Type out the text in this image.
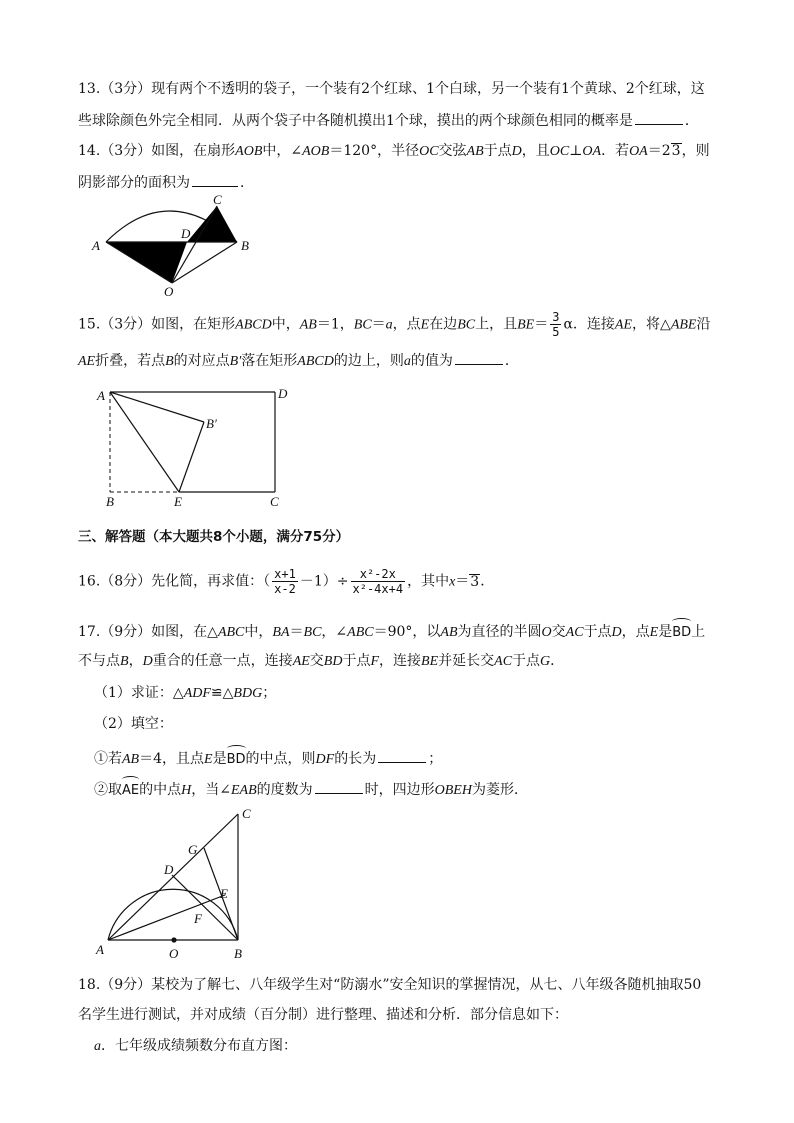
13.（3分）现有两个不透明的袋子，一个装有2个红球、1个白球，另一个装有1个黄球、2个红球，这
些球除颜色外完全相同．从两个袋子中各随机摸出1个球，摸出的两个球颜色相同的概率是	．
14.（3分）如图，在扇形AOB中，∠AOB＝120°，半径OC交弦AB于点D，且OC⊥OA．若OA＝23，则
阴影部分的面积为	．
A	B
C
D
O
15.（3分）如图，在矩形ABCD中，AB＝1，BC＝a，点E在边BC上，且$BE= \frac{3}{5}$ α．连接AE，将△ABE沿
AE折叠，若点B的对应点B′落在矩形ABCD的边上，则a的值为	．
A	D
B′
B	E	C
三、解答题（本大题共8个小题，满分75分）
16.（8分）先化简，再求值：（ $\frac{x+1}{x-2} -1)\div \frac{\text{x²-2x}}{\text{x²-4x+4}}$ ，其中x＝3．
17.（9分）如图，在△ABC中，BA＝BC，∠ABC＝90°，以AB为直径的半圆O交AC于点D，点E是BD上
不与点B，D重合的任意一点，连接AE交BD于点F，连接BE并延长交AC于点G．
（1）求证：△ADF≌△BDG；
（2）填空：
①若AB＝4，且点E是BD的中点，则DF的长为	；
②取AE的中点H，当∠EAB的度数为	时，四边形OBEH为菱形．
A	B
C
D
E
F
G
O
18.（9分）某校为了解七、八年级学生对“防溺水”安全知识的掌握情况，从七、八年级各随机抽取50
名学生进行测试，并对成绩（百分制）进行整理、描述和分析．部分信息如下：
a．七年级成绩频数分布直方图：
